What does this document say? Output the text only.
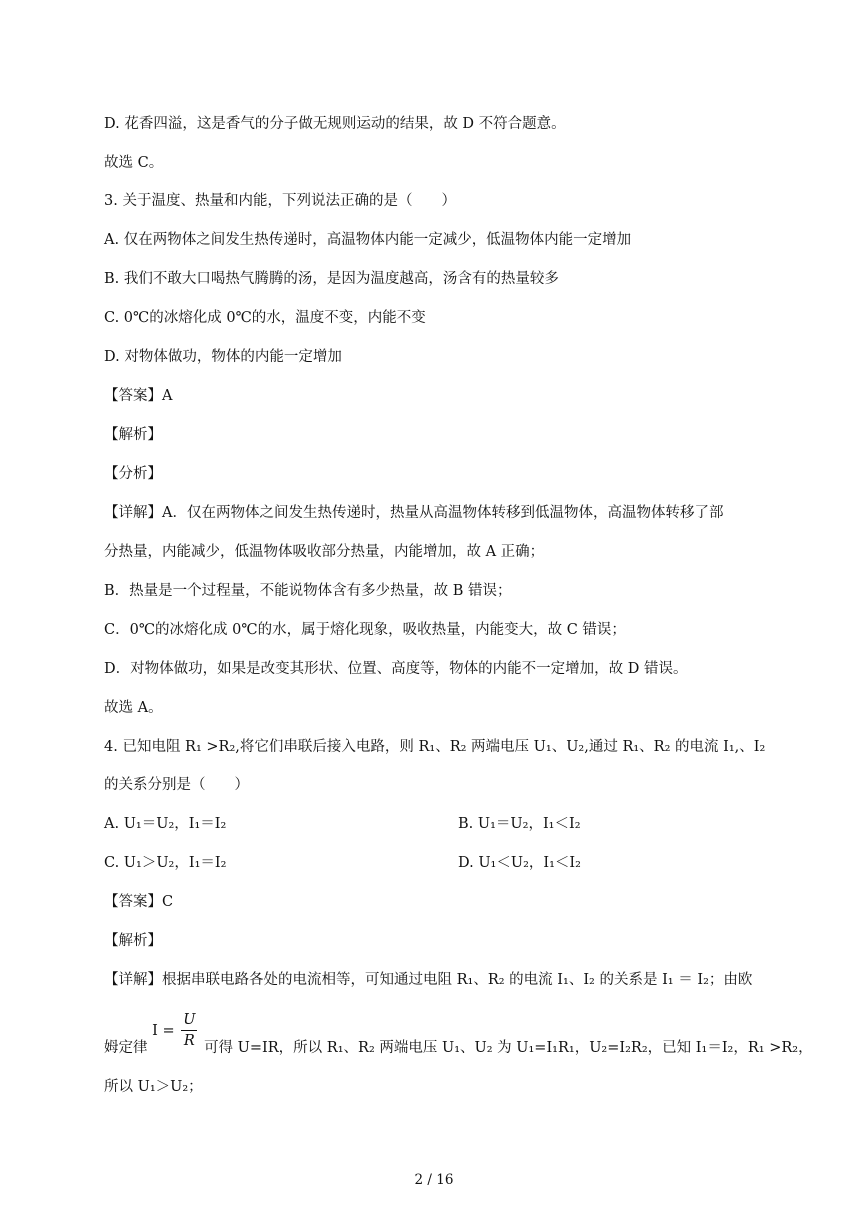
D. 花香四溢，这是香气的分子做无规则运动的结果，故 D 不符合题意。
故选 C。
3. 关于温度、热量和内能，下列说法正确的是（　　）
A. 仅在两物体之间发生热传递时，高温物体内能一定减少，低温物体内能一定增加
B. 我们不敢大口喝热气腾腾的汤，是因为温度越高，汤含有的热量较多
C. 0℃的冰熔化成 0℃的水，温度不变，内能不变
D. 对物体做功，物体的内能一定增加
【答案】A
【解析】
【分析】
【详解】A．仅在两物体之间发生热传递时，热量从高温物体转移到低温物体，高温物体转移了部
分热量，内能减少，低温物体吸收部分热量，内能增加，故 A 正确；
B．热量是一个过程量，不能说物体含有多少热量，故 B 错误；
C．0℃的冰熔化成 0℃的水，属于熔化现象，吸收热量，内能变大，故 C 错误；
D．对物体做功，如果是改变其形状、位置、高度等，物体的内能不一定增加，故 D 错误。
故选 A。
4. 已知电阻 R₁ >R₂,将它们串联后接入电路，则 R₁、R₂ 两端电压 U₁、U₂,通过 R₁、R₂ 的电流 I₁,、I₂
的关系分别是（　　）
A. U₁＝U₂，I₁＝I₂	B. U₁＝U₂，I₁＜I₂
C. U₁＞U₂，I₁＝I₂	D. U₁＜U₂，I₁＜I₂
【答案】C
【解析】
【详解】根据串联电路各处的电流相等，可知通过电阻 R₁、R₂ 的电流 I₁、I₂ 的关系是 I₁ ＝ I₂；由欧
姆定律 $I = \frac{U}{R}$ 可得 U=IR，所以 R₁、R₂ 两端电压 U₁、U₂ 为 U₁=I₁R₁，U₂=I₂R₂，已知 I₁＝I₂，R₁ >R₂，
所以 U₁＞U₂；
2 / 16
